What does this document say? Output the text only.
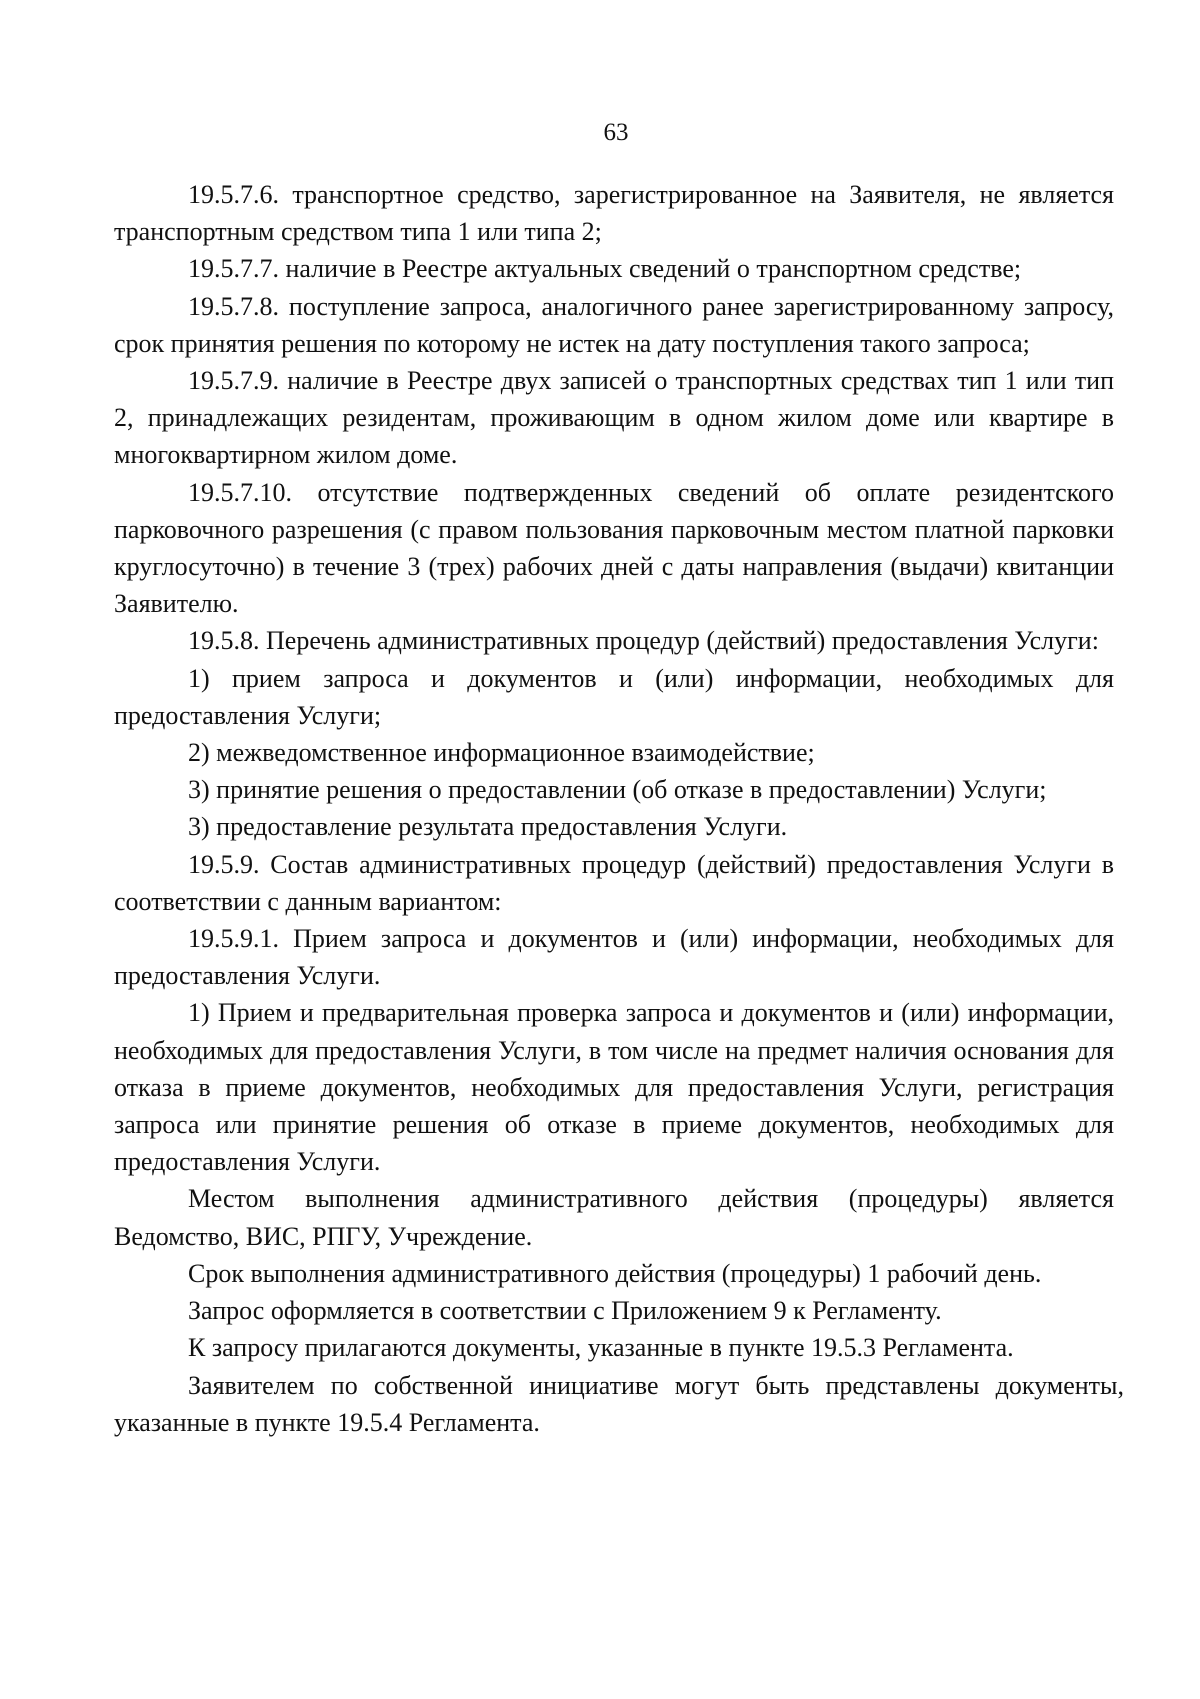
63

19.5.7.6. транспортное средство, зарегистрированное на Заявителя, не является транспортным средством типа 1 или типа 2;

19.5.7.7. наличие в Реестре актуальных сведений о транспортном средстве;

19.5.7.8. поступление запроса, аналогичного ранее зарегистрированному запросу, срок принятия решения по которому не истек на дату поступления такого запроса;

19.5.7.9. наличие в Реестре двух записей о транспортных средствах тип 1 или тип 2, принадлежащих резидентам, проживающим в одном жилом доме или квартире в многоквартирном жилом доме.

19.5.7.10. отсутствие подтвержденных сведений об оплате резидентского парковочного разрешения (с правом пользования парковочным местом платной парковки круглосуточно) в течение 3 (трех) рабочих дней с даты направления (выдачи) квитанции Заявителю.

19.5.8. Перечень административных процедур (действий) предоставления Услуги:

1) прием запроса и документов и (или) информации, необходимых для предоставления Услуги;

2) межведомственное информационное взаимодействие;

3) принятие решения о предоставлении (об отказе в предоставлении) Услуги;

3) предоставление результата предоставления Услуги.

19.5.9. Состав административных процедур (действий) предоставления Услуги в соответствии с данным вариантом:

19.5.9.1. Прием запроса и документов и (или) информации, необходимых для предоставления Услуги.

1) Прием и предварительная проверка запроса и документов и (или) информации, необходимых для предоставления Услуги, в том числе на предмет наличия основания для отказа в приеме документов, необходимых для предоставления Услуги, регистрация запроса или принятие решения об отказе в приеме документов, необходимых для предоставления Услуги.

Местом выполнения административного действия (процедуры) является Ведомство, ВИС, РПГУ, Учреждение.

Срок выполнения административного действия (процедуры) 1 рабочий день.

Запрос оформляется в соответствии с Приложением 9 к Регламенту.

К запросу прилагаются документы, указанные в пункте 19.5.3 Регламента.

Заявителем по собственной инициативе могут быть представлены документы, указанные в пункте 19.5.4 Регламента.
